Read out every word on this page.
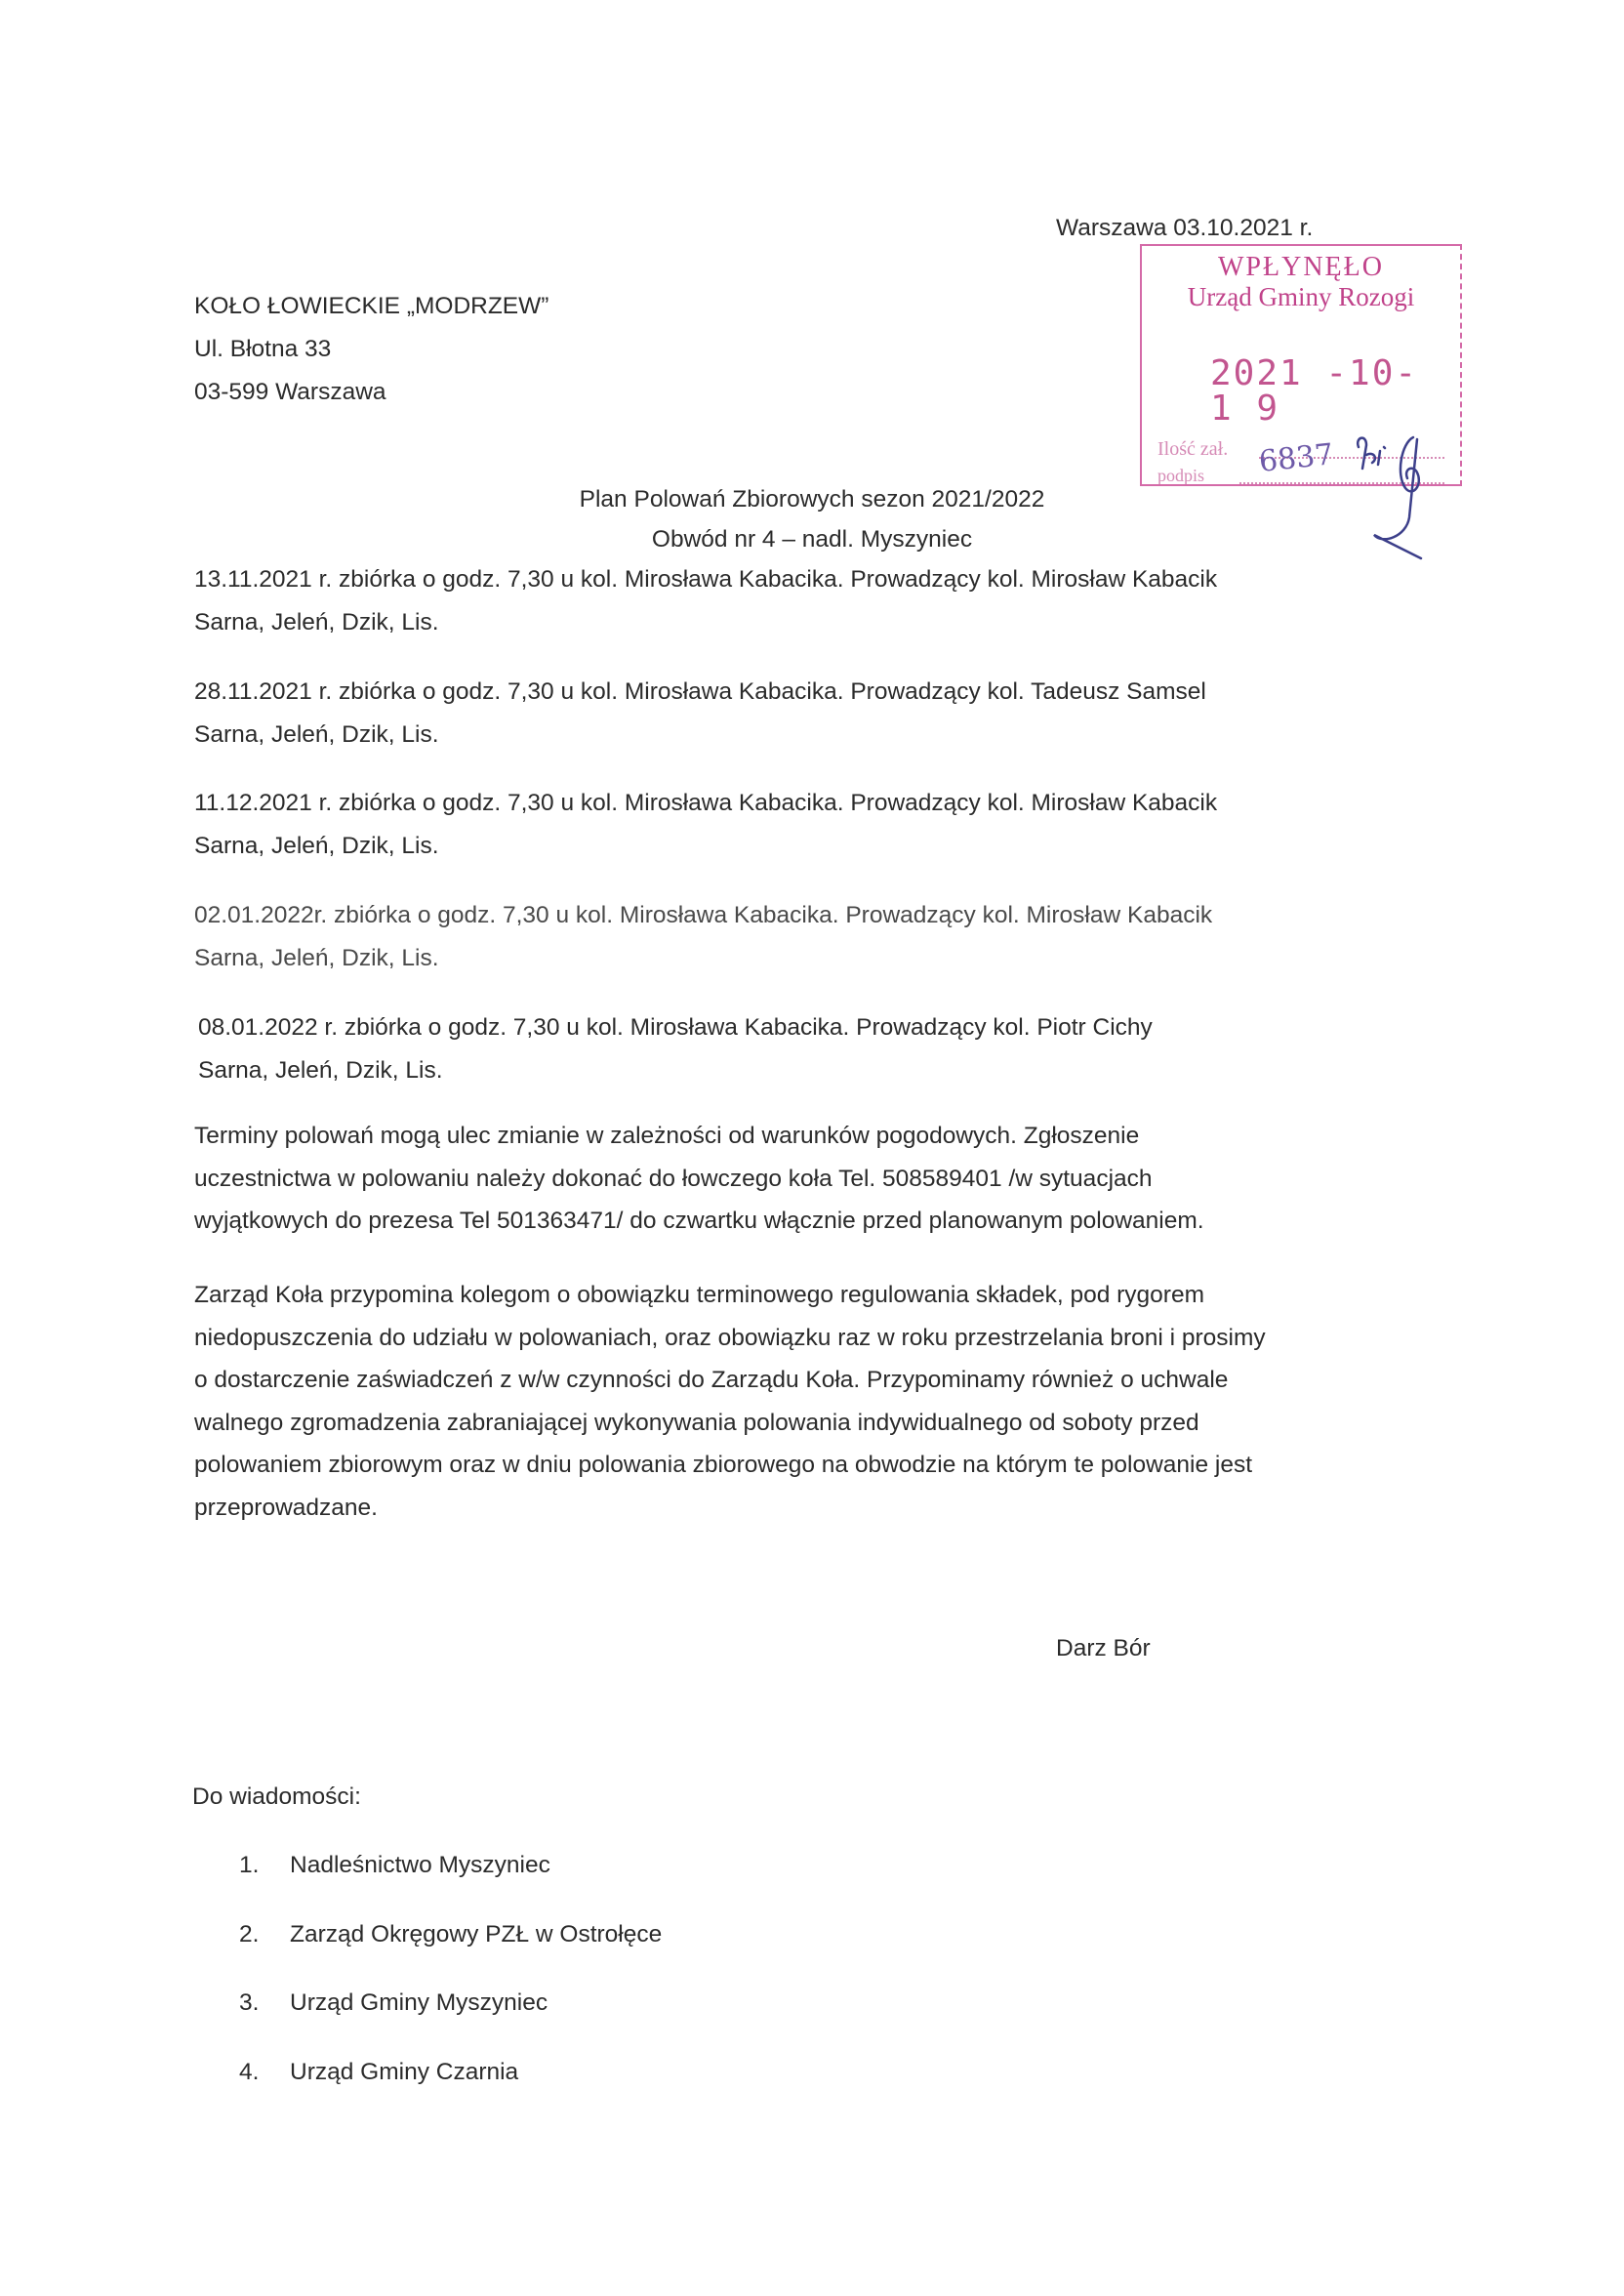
Warszawa 03.10.2021 r.
KOŁO ŁOWIECKIE „MODRZEW”
Ul. Błotna 33
03-599 Warszawa
WPŁYNĘŁO
Urząd Gminy Rozogi
2021 -10- 1 9
Ilość zał.
podpis 6837
Plan Polowań Zbiorowych sezon 2021/2022
Obwód nr 4 – nadl. Myszyniec
13.11.2021 r. zbiórka o godz. 7,30 u kol. Mirosława Kabacika. Prowadzący kol. Mirosław Kabacik
Sarna, Jeleń, Dzik, Lis.
28.11.2021 r. zbiórka o godz. 7,30 u kol. Mirosława Kabacika. Prowadzący kol. Tadeusz Samsel
Sarna, Jeleń, Dzik, Lis.
11.12.2021 r. zbiórka o godz. 7,30 u kol. Mirosława Kabacika. Prowadzący kol. Mirosław Kabacik
Sarna, Jeleń, Dzik, Lis.
02.01.2022r. zbiórka o godz. 7,30 u kol. Mirosława Kabacika. Prowadzący kol. Mirosław Kabacik
Sarna, Jeleń, Dzik, Lis.
08.01.2022 r. zbiórka o godz. 7,30 u kol. Mirosława Kabacika. Prowadzący kol. Piotr Cichy
Sarna, Jeleń, Dzik, Lis.
Terminy polowań mogą ulec zmianie w zależności od warunków pogodowych. Zgłoszenie
uczestnictwa w polowaniu należy dokonać do łowczego koła Tel. 508589401 /w sytuacjach
wyjątkowych do prezesa Tel 501363471/ do czwartku włącznie przed planowanym polowaniem.
Zarząd Koła przypomina kolegom o obowiązku terminowego regulowania składek, pod rygorem
niedopuszczenia do udziału w polowaniach, oraz obowiązku raz w roku przestrzelania broni i prosimy
o dostarczenie zaświadczeń z w/w czynności do Zarządu Koła. Przypominamy również o uchwale
walnego zgromadzenia zabraniającej wykonywania polowania indywidualnego od soboty przed
polowaniem zbiorowym oraz w dniu polowania zbiorowego na obwodzie na którym te polowanie jest
przeprowadzane.
Darz Bór
Do wiadomości:
1. Nadleśnictwo Myszyniec
2. Zarząd Okręgowy PZŁ w Ostrołęce
3. Urząd Gminy Myszyniec
4. Urząd Gminy Czarnia
